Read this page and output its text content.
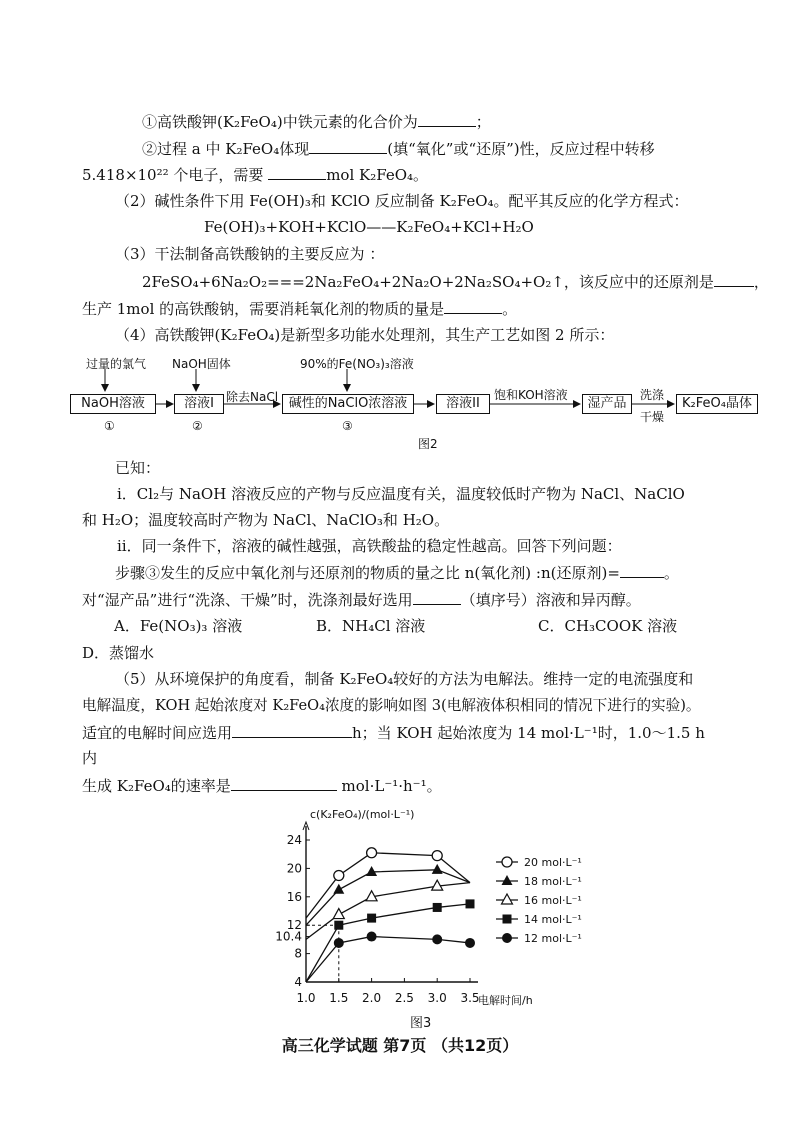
①高铁酸钾(K₂FeO₄)中铁元素的化合价为	；
②过程 a 中 K₂FeO₄体现	(填“氧化”或“还原”)性，反应过程中转移
5.418×10²² 个电子，需要	mol K₂FeO₄。
（2）碱性条件下用 Fe(OH)₃和 KClO 反应制备 K₂FeO₄。配平其反应的化学方程式：
Fe(OH)₃+KOH+KClO——K₂FeO₄+KCl+H₂O
（3）干法制备高铁酸钠的主要反应为 ：
2FeSO₄+6Na₂O₂===2Na₂FeO₄+2Na₂O+2Na₂SO₄+O₂↑，该反应中的还原剂是	，
生产 1mol 的高铁酸钠，需要消耗氧化剂的物质的量是	。
（4）高铁酸钾(K₂FeO₄)是新型多功能水处理剂，其生产工艺如图 2 所示：
过量的氯气 NaOH固体	90%的Fe(NO₃)₃溶液
NaOH溶液	溶液I	除去NaCl 碱性的NaClO浓溶液	溶液II
饱和KOH溶液
湿产品
洗涤
干燥
K₂FeO₄晶体
①	②	③
图2
已知：
ⅰ．Cl₂与 NaOH 溶液反应的产物与反应温度有关，温度较低时产物为 NaCl、NaClO
和 H₂O；温度较高时产物为 NaCl、NaClO₃和 H₂O。
ⅱ．同一条件下，溶液的碱性越强，高铁酸盐的稳定性越高。回答下列问题：
步骤③发生的反应中氧化剂与还原剂的物质的量之比 n(氧化剂) :n(还原剂)=	。
对“湿产品”进行“洗涤、干燥”时，洗涤剂最好选用	（填序号）溶液和异丙醇。
A．Fe(NO₃)₃ 溶液	B．NH₄Cl 溶液	C．CH₃COOK 溶液
D．蒸馏水
（5）从环境保护的角度看，制备 K₂FeO₄较好的方法为电解法。维持一定的电流强度和
电解温度，KOH 起始浓度对 K₂FeO₄浓度的影响如图 3(电解液体积相同的情况下进行的实验)。
适宜的电解时间应选用	h；当 KOH 起始浓度为 14 mol·L⁻¹时，1.0～1.5 h
内
生成 K₂FeO₄的速率是	mol·L⁻¹·h⁻¹。
c(K₂FeO₄)/(mol·L⁻¹)
电解时间/h
1.0 1.5 2.0 2.5 3.0 3.5
4
8
10.4
12
16
20
24
20 mol·L⁻¹
18 mol·L⁻¹
16 mol·L⁻¹
14 mol·L⁻¹
12 mol·L⁻¹
图3
高三化学试题 第7页 （共12页）
